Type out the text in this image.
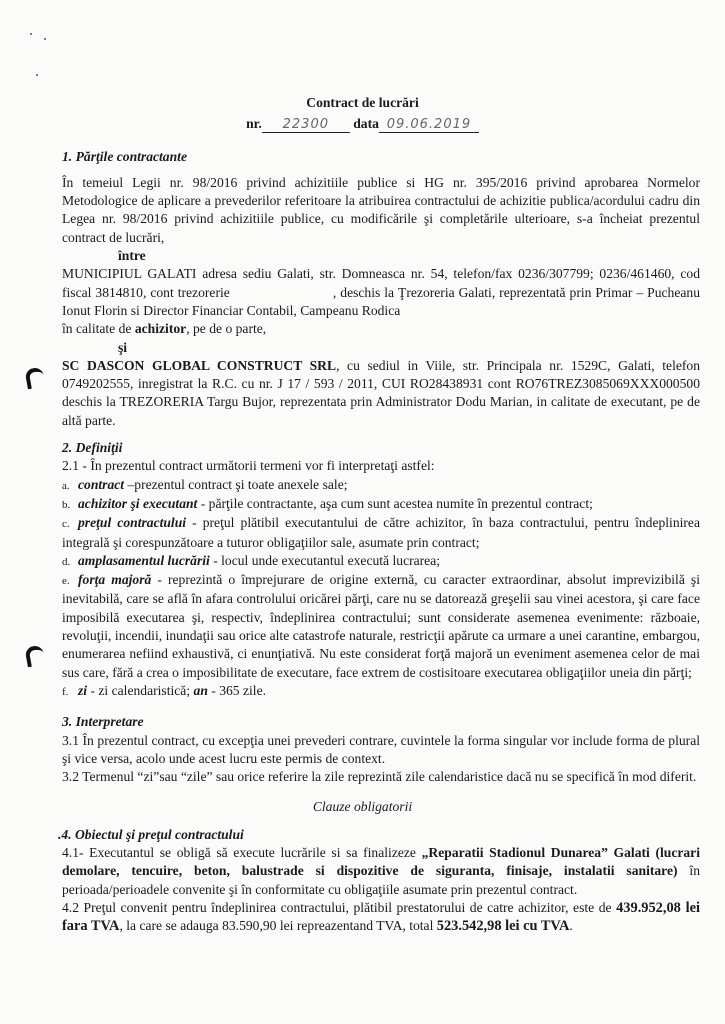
Contract de lucrări
nr. 22300 data 09.06.2019
1. Părţile contractante
În temeiul Legii nr. 98/2016 privind achizitiile publice si HG nr. 395/2016 privind aprobarea Normelor Metodologice de aplicare a prevederilor referitoare la atribuirea contractului de achizitie publica/acordului cadru din Legea nr. 98/2016 privind achizitiile publice, cu modificările şi completările ulterioare, s-a încheiat prezentul contract de lucrări,
între
MUNICIPIUL GALATI adresa sediu Galati, str. Domneasca nr. 54, telefon/fax 0236/307799; 0236/461460, cod fiscal 3814810, cont trezorerie                          , deschis la Ţrezoreria Galati, reprezentată prin Primar – Pucheanu Ionut Florin si Director Financiar Contabil, Campeanu Rodica
în calitate de achizitor, pe de o parte,
şi
SC DASCON GLOBAL CONSTRUCT SRL, cu sediul in Viile, str. Principala nr. 1529C, Galati, telefon 0749202555, inregistrat la R.C. cu nr. J 17 / 593 / 2011, CUI RO28438931 cont RO76TREZ3085069XXX000500 deschis la TREZORERIA Targu Bujor, reprezentata prin Administrator Dodu Marian, in calitate de executant, pe de altă parte.
2. Definiţii
2.1 - În prezentul contract următorii termeni vor fi interpretaţi astfel:
a. contract –prezentul contract şi toate anexele sale;
b. achizitor şi executant - părţile contractante, aşa cum sunt acestea numite în prezentul contract;
c. preţul contractului - preţul plătibil executantului de către achizitor, în baza contractului, pentru îndeplinirea integrală şi corespunzătoare a tuturor obligaţiilor sale, asumate prin contract;
d. amplasamentul lucrării - locul unde executantul execută lucrarea;
e. forţa majoră - reprezintă o împrejurare de origine externă, cu caracter extraordinar, absolut imprevizibilă şi inevitabilă, care se află în afara controlului oricărei părţi, care nu se datorează greşelii sau vinei acestora, şi care face imposibilă executarea şi, respectiv, îndeplinirea contractului; sunt considerate asemenea evenimente: războaie, revoluţii, incendii, inundaţii sau orice alte catastrofe naturale, restricţii apărute ca urmare a unei carantine, embargou, enumerarea nefiind exhaustivă, ci enunţiativă. Nu este considerat forţă majoră un eveniment asemenea celor de mai sus care, fără a crea o imposibilitate de executare, face extrem de costisitoare executarea obligaţiilor uneia din părţi;
f. zi - zi calendaristică; an - 365 zile.
3. Interpretare
3.1 În prezentul contract, cu excepţia unei prevederi contrare, cuvintele la forma singular vor include forma de plural şi vice versa, acolo unde acest lucru este permis de context.
3.2 Termenul “zi”sau “zile” sau orice referire la zile reprezintă zile calendaristice dacă nu se specifică în mod diferit.
Clauze obligatorii
.4. Obiectul şi preţul contractului
4.1- Executantul se obligă să execute lucrările si sa finalizeze „Reparatii Stadionul Dunarea” Galati (lucrari demolare, tencuire, beton, balustrade si dispozitive de siguranta, finisaje, instalatii sanitare) în perioada/perioadele convenite şi în conformitate cu obligaţiile asumate prin prezentul contract.
4.2 Preţul convenit pentru îndeplinirea contractului, plătibil prestatorului de catre achizitor, este de 439.952,08 lei fara TVA, la care se adauga 83.590,90 lei repreazentand TVA, total 523.542,98 lei cu TVA.
